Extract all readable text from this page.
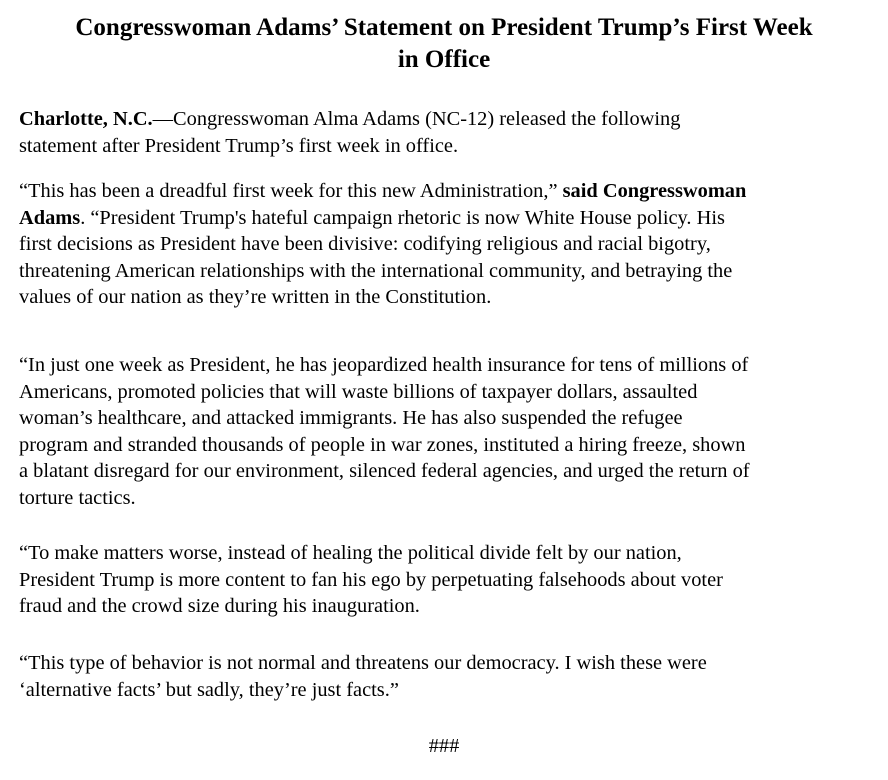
Congresswoman Adams’ Statement on President Trump’s First Week
in Office

Charlotte, N.C.—Congresswoman Alma Adams (NC-12) released the following
statement after President Trump’s first week in office.

“This has been a dreadful first week for this new Administration,” said Congresswoman
Adams. “President Trump's hateful campaign rhetoric is now White House policy. His
first decisions as President have been divisive: codifying religious and racial bigotry,
threatening American relationships with the international community, and betraying the
values of our nation as they’re written in the Constitution.

“In just one week as President, he has jeopardized health insurance for tens of millions of
Americans, promoted policies that will waste billions of taxpayer dollars, assaulted
woman’s healthcare, and attacked immigrants. He has also suspended the refugee
program and stranded thousands of people in war zones, instituted a hiring freeze, shown
a blatant disregard for our environment, silenced federal agencies, and urged the return of
torture tactics.

“To make matters worse, instead of healing the political divide felt by our nation,
President Trump is more content to fan his ego by perpetuating falsehoods about voter
fraud and the crowd size during his inauguration.

“This type of behavior is not normal and threatens our democracy. I wish these were
‘alternative facts’ but sadly, they’re just facts.”

###
